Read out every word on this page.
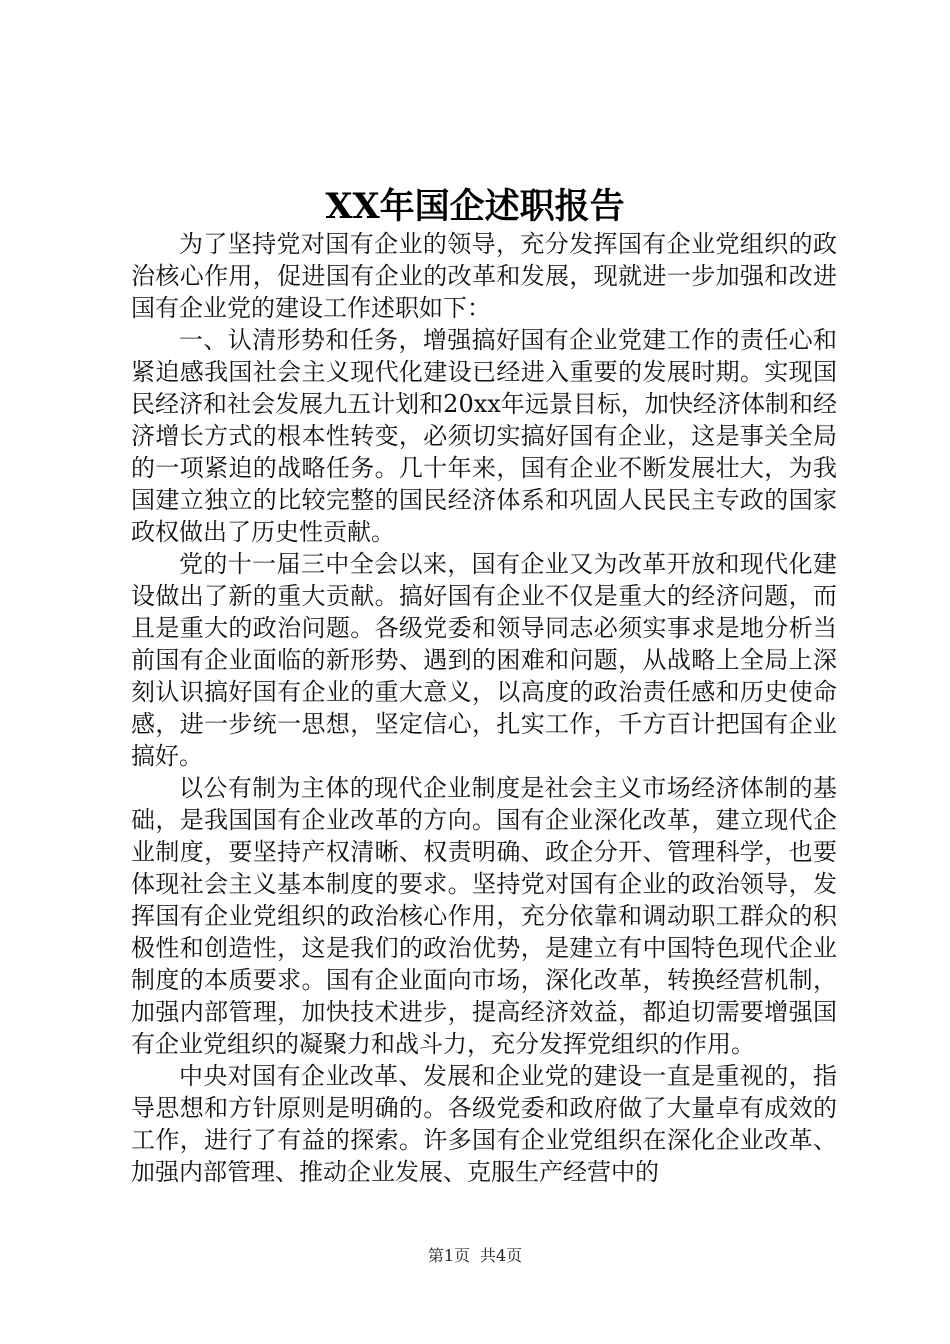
XX年国企述职报告

为了坚持党对国有企业的领导，充分发挥国有企业党组织的政治核心作用，促进国有企业的改革和发展，现就进一步加强和改进国有企业党的建设工作述职如下：

一、认清形势和任务，增强搞好国有企业党建工作的责任心和紧迫感我国社会主义现代化建设已经进入重要的发展时期。实现国民经济和社会发展九五计划和20xx年远景目标，加快经济体制和经济增长方式的根本性转变，必须切实搞好国有企业，这是事关全局的一项紧迫的战略任务。几十年来，国有企业不断发展壮大，为我国建立独立的比较完整的国民经济体系和巩固人民民主专政的国家政权做出了历史性贡献。

党的十一届三中全会以来，国有企业又为改革开放和现代化建设做出了新的重大贡献。搞好国有企业不仅是重大的经济问题，而且是重大的政治问题。各级党委和领导同志必须实事求是地分析当前国有企业面临的新形势、遇到的困难和问题，从战略上全局上深刻认识搞好国有企业的重大意义，以高度的政治责任感和历史使命感，进一步统一思想，坚定信心，扎实工作，千方百计把国有企业搞好。

以公有制为主体的现代企业制度是社会主义市场经济体制的基础，是我国国有企业改革的方向。国有企业深化改革，建立现代企业制度，要坚持产权清晰、权责明确、政企分开、管理科学，也要体现社会主义基本制度的要求。坚持党对国有企业的政治领导，发挥国有企业党组织的政治核心作用，充分依靠和调动职工群众的积极性和创造性，这是我们的政治优势，是建立有中国特色现代企业制度的本质要求。国有企业面向市场，深化改革，转换经营机制，加强内部管理，加快技术进步，提高经济效益，都迫切需要增强国有企业党组织的凝聚力和战斗力，充分发挥党组织的作用。

中央对国有企业改革、发展和企业党的建设一直是重视的，指导思想和方针原则是明确的。各级党委和政府做了大量卓有成效的工作，进行了有益的探索。许多国有企业党组织在深化企业改革、加强内部管理、推动企业发展、克服生产经营中的

第1页 共4页
